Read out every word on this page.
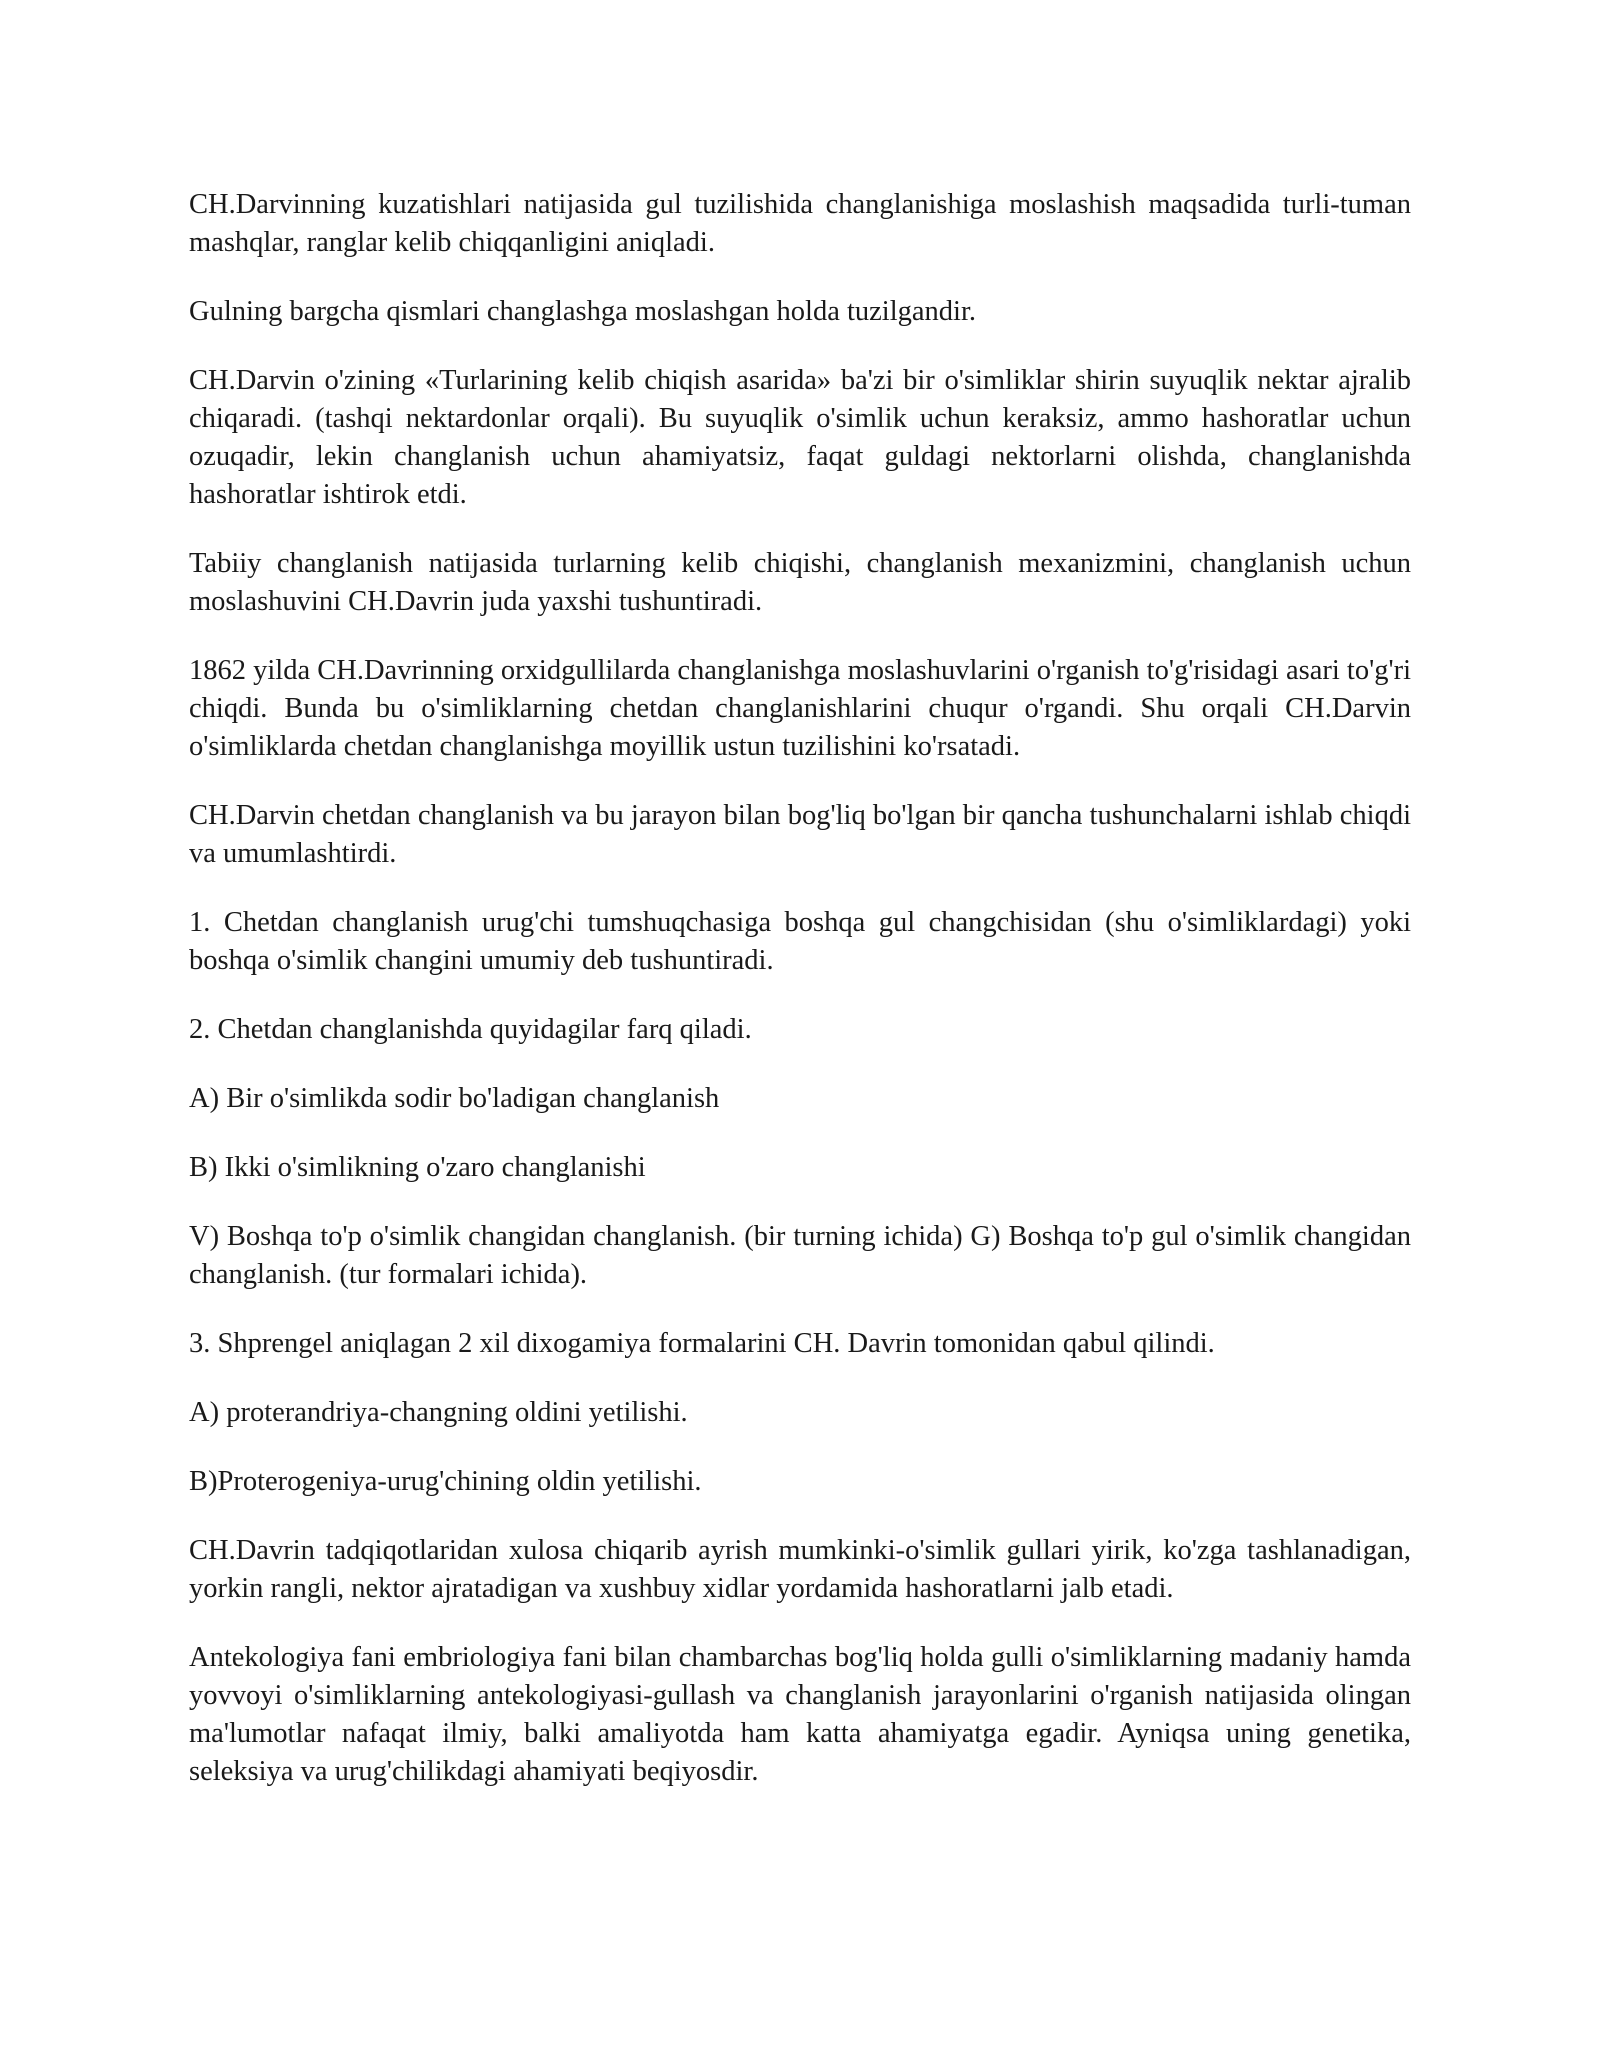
CH.Darvinning kuzatishlari natijasida gul tuzilishida changlanishiga moslashish maqsadida turli-tuman mashqlar, ranglar kelib chiqqanligini aniqladi.

Gulning bargcha qismlari changlashga moslashgan holda tuzilgandir.

CH.Darvin o'zining «Turlarining kelib chiqish asarida» ba'zi bir o'simliklar shirin suyuqlik nektar ajralib chiqaradi. (tashqi nektardonlar orqali). Bu suyuqlik o'simlik uchun keraksiz, ammo hashoratlar uchun ozuqadir, lekin changlanish uchun ahamiyatsiz, faqat guldagi nektorlarni olishda, changlanishda hashoratlar ishtirok etdi.

Tabiiy changlanish natijasida turlarning kelib chiqishi, changlanish mexanizmini, changlanish uchun moslashuvini CH.Davrin juda yaxshi tushuntiradi.

1862 yilda CH.Davrinning orxidgullilarda changlanishga moslashuvlarini o'rganish to'g'risidagi asari to'g'ri chiqdi. Bunda bu o'simliklarning chetdan changlanishlarini chuqur o'rgandi. Shu orqali CH.Darvin o'simliklarda chetdan changlanishga moyillik ustun tuzilishini ko'rsatadi.

CH.Darvin chetdan changlanish va bu jarayon bilan bog'liq bo'lgan bir qancha tushunchalarni ishlab chiqdi va umumlashtirdi.

1. Chetdan changlanish urug'chi tumshuqchasiga boshqa gul changchisidan (shu o'simliklardagi) yoki boshqa o'simlik changini umumiy deb tushuntiradi.

2. Chetdan changlanishda quyidagilar farq qiladi.

A) Bir o'simlikda sodir bo'ladigan changlanish

B) Ikki o'simlikning o'zaro changlanishi

V) Boshqa to'p o'simlik changidan changlanish. (bir turning ichida) G) Boshqa to'p gul o'simlik changidan changlanish. (tur formalari ichida).

3. Shprengel aniqlagan 2 xil dixogamiya formalarini CH. Davrin tomonidan qabul qilindi.

A) proterandriya-changning oldini yetilishi.

B)Proterogeniya-urug'chining oldin yetilishi.

CH.Davrin tadqiqotlaridan xulosa chiqarib ayrish mumkinki-o'simlik gullari yirik, ko'zga tashlanadigan, yorkin rangli, nektor ajratadigan va xushbuy xidlar yordamida hashoratlarni jalb etadi.

Antekologiya fani embriologiya fani bilan chambarchas bog'liq holda gulli o'simliklarning madaniy hamda yovvoyi o'simliklarning antekologiyasi-gullash va changlanish jarayonlarini o'rganish natijasida olingan ma'lumotlar nafaqat ilmiy, balki amaliyotda ham katta ahamiyatga egadir. Ayniqsa uning genetika, seleksiya va urug'chilikdagi ahamiyati beqiyosdir.
